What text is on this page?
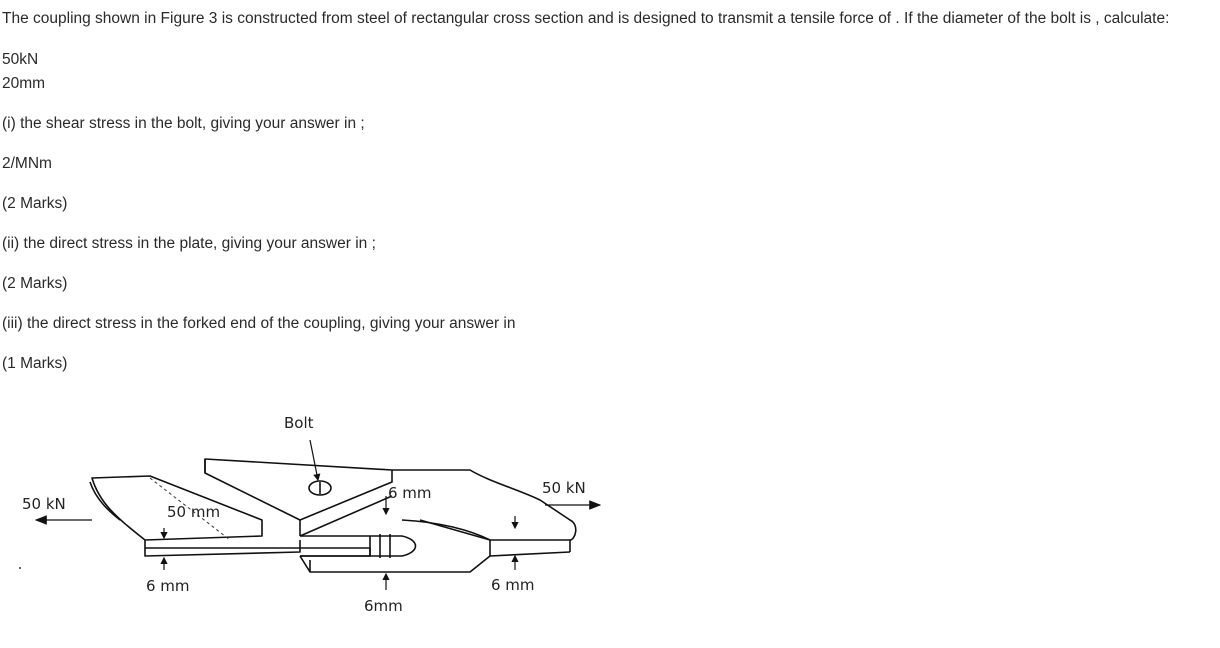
The coupling shown in Figure 3 is constructed from steel of rectangular cross section and is designed to transmit a tensile force of . If the diameter of the bolt is , calculate:
50kN
20mm
(i) the shear stress in the bolt, giving your answer in ;
2/MNm
(2 Marks)
(ii) the direct stress in the plate, giving your answer in ;
(2 Marks)
(iii) the direct stress in the forked end of the coupling, giving your answer in
(1 Marks)
Bolt
50 kN
50 kN
50 mm
6 mm
6 mm
6mm
6 mm
